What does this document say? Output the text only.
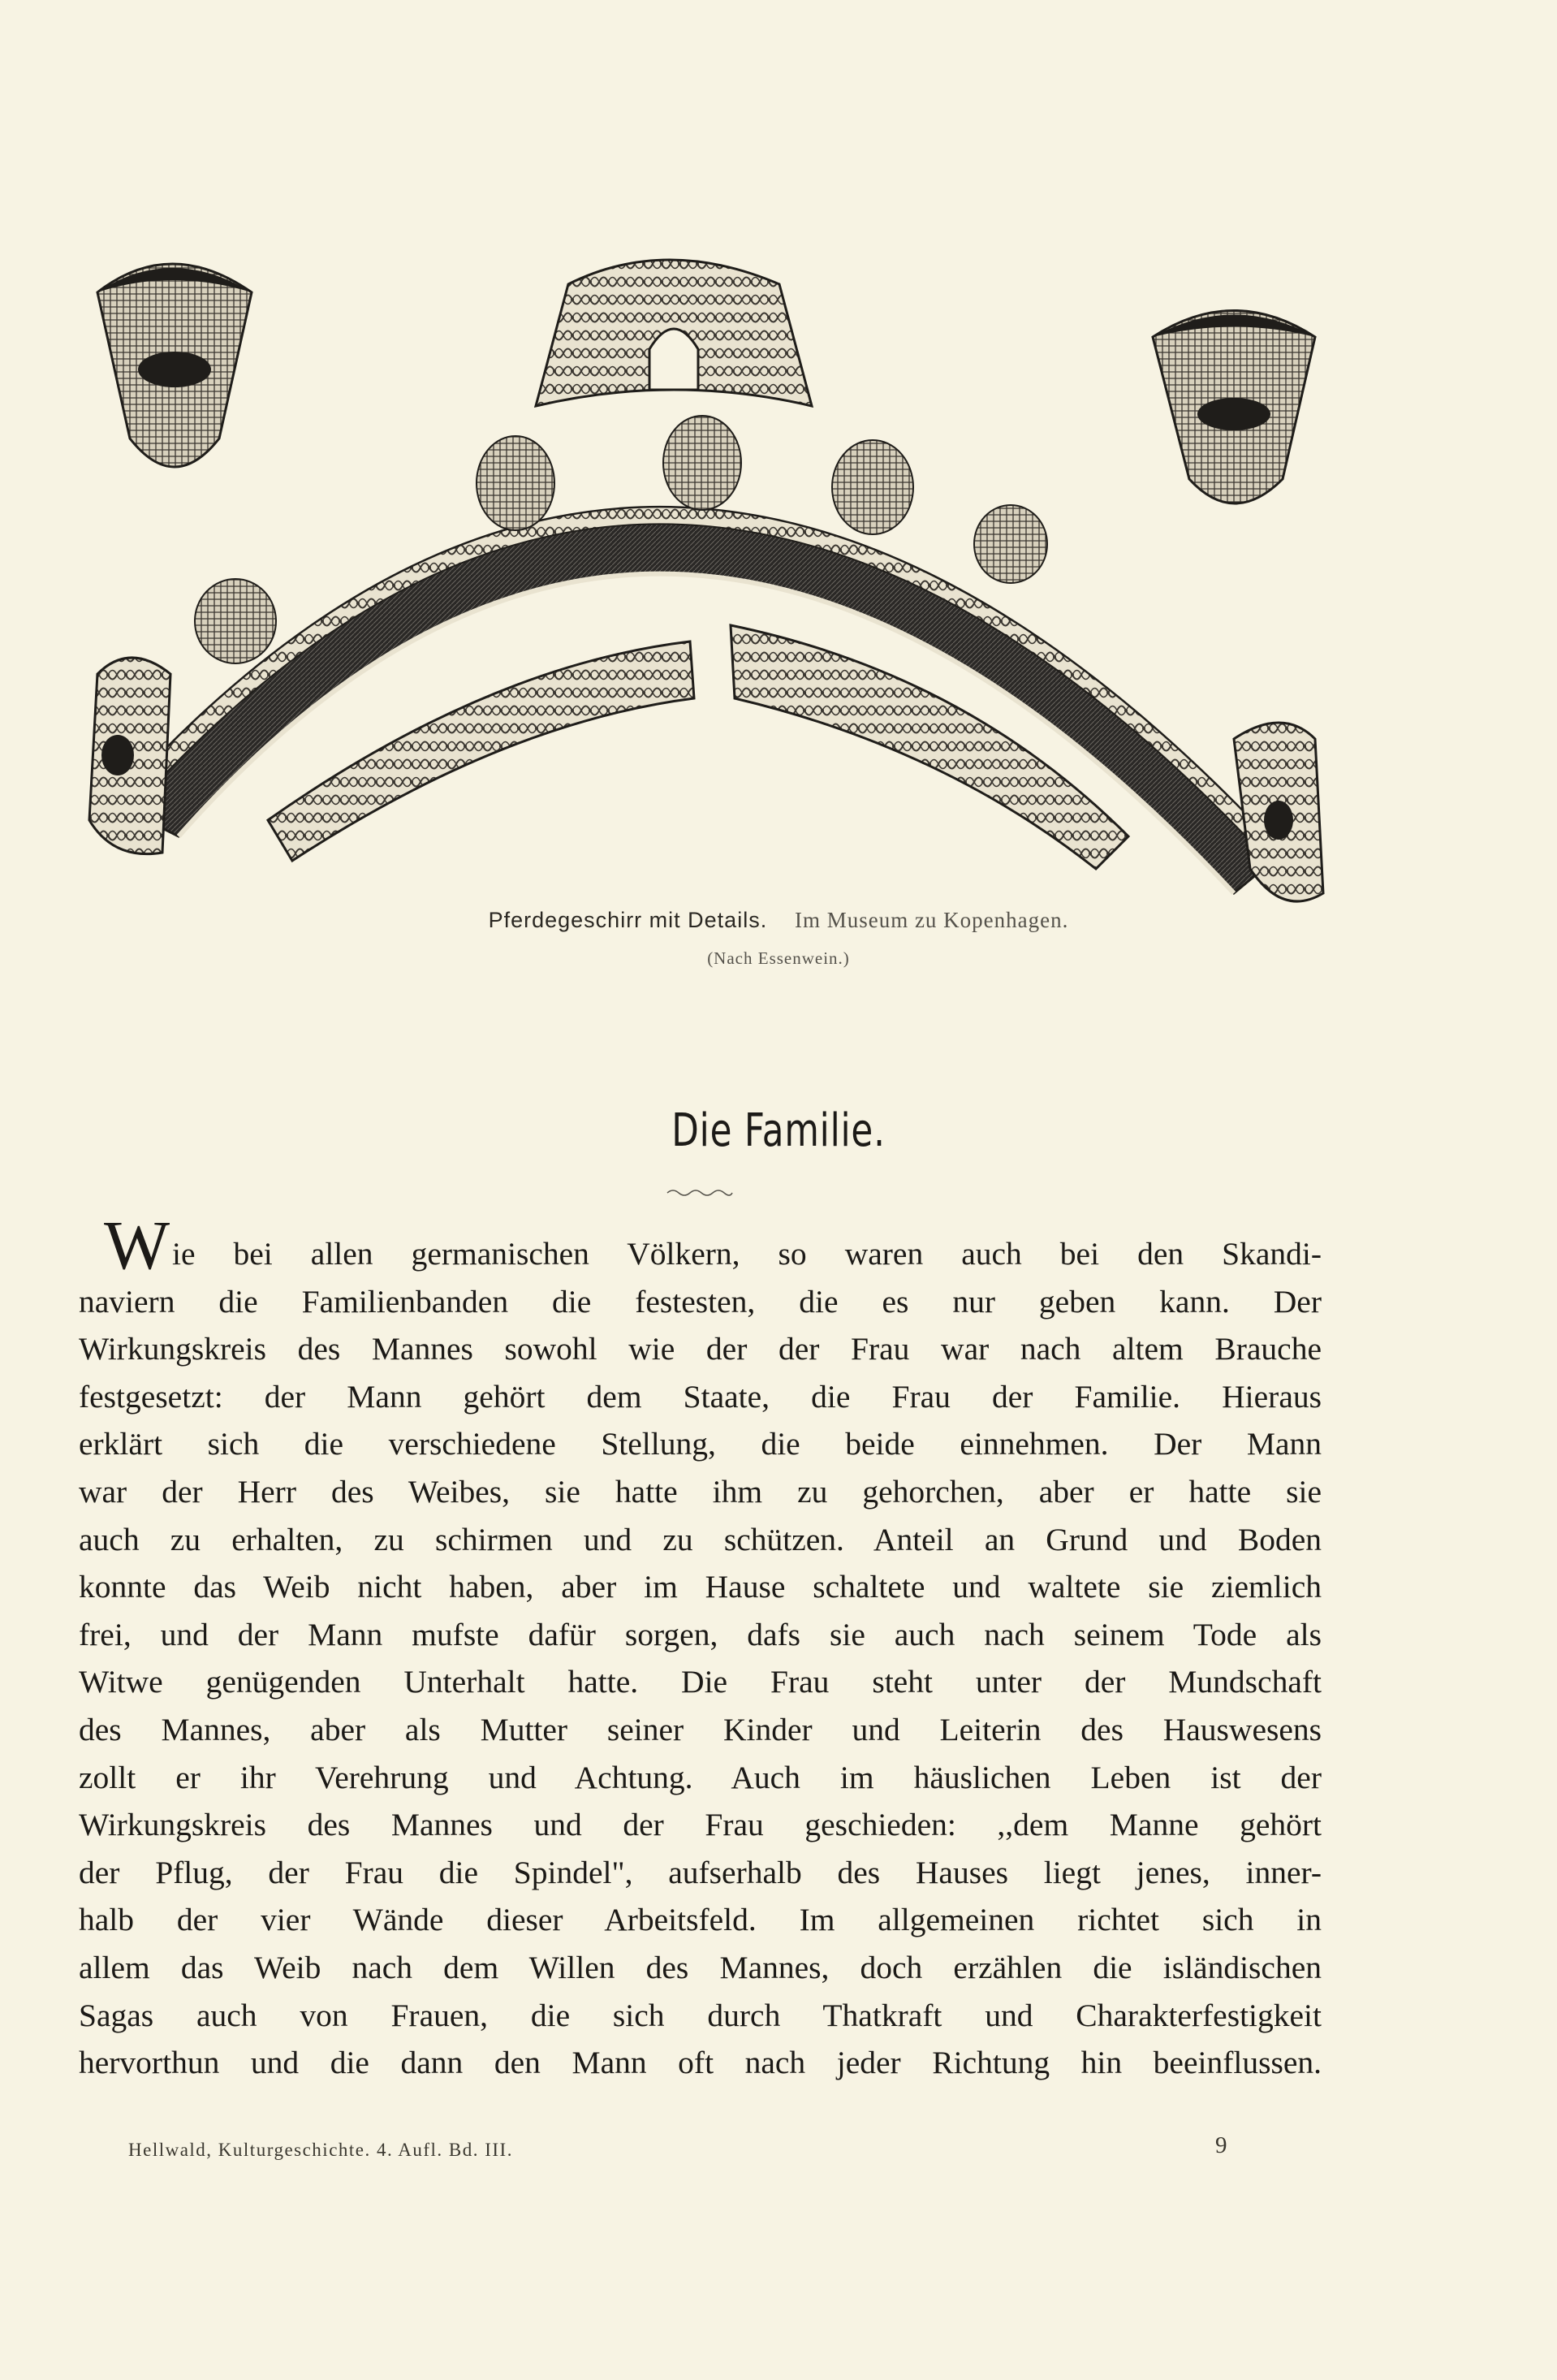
Pferdegeschirr mit Details. Im Museum zu Kopenhagen.
(Nach Essenwein.)
Die Familie.
W ie bei allen germanischen Völkern, so waren auch bei den Skandi-
naviern die Familienbanden die festesten, die es nur geben kann. Der
Wirkungskreis des Mannes sowohl wie der der Frau war nach altem Brauche
festgesetzt: der Mann gehört dem Staate, die Frau der Familie. Hieraus
erklärt sich die verschiedene Stellung, die beide einnehmen. Der Mann
war der Herr des Weibes, sie hatte ihm zu gehorchen, aber er hatte sie
auch zu erhalten, zu schirmen und zu schützen. Anteil an Grund und Boden
konnte das Weib nicht haben, aber im Hause schaltete und waltete sie ziemlich
frei, und der Mann mufste dafür sorgen, dafs sie auch nach seinem Tode als
Witwe genügenden Unterhalt hatte. Die Frau steht unter der Mundschaft
des Mannes, aber als Mutter seiner Kinder und Leiterin des Hauswesens
zollt er ihr Verehrung und Achtung. Auch im häuslichen Leben ist der
Wirkungskreis des Mannes und der Frau geschieden: ,,dem Manne gehört
der Pflug, der Frau die Spindel", aufserhalb des Hauses liegt jenes, inner-
halb der vier Wände dieser Arbeitsfeld. Im allgemeinen richtet sich in
allem das Weib nach dem Willen des Mannes, doch erzählen die isländischen
Sagas auch von Frauen, die sich durch Thatkraft und Charakterfestigkeit
hervorthun und die dann den Mann oft nach jeder Richtung hin beeinflussen.
Hellwald, Kulturgeschichte. 4. Aufl. Bd. III.	9
